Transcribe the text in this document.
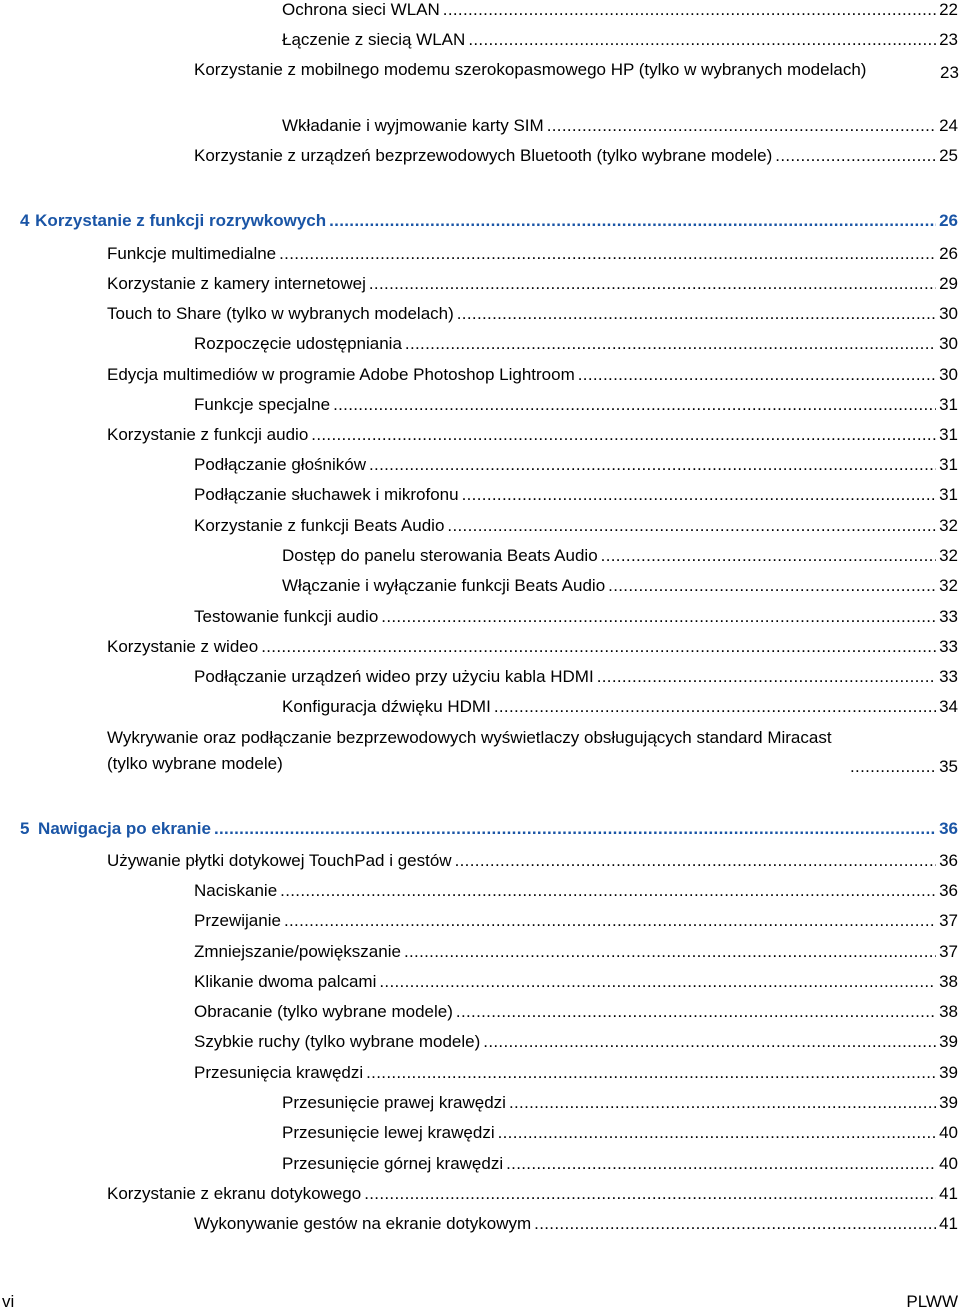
Ochrona sieci WLAN . . .	22
Łączenie z siecią WLAN . . .	23
Korzystanie z mobilnego modemu szerokopasmowego HP (tylko w wybranych modelach)	23
Wkładanie i wyjmowanie karty SIM . . .	24
Korzystanie z urządzeń bezprzewodowych Bluetooth (tylko wybrane modele) . . .	25
4 Korzystanie z funkcji rozrywkowych . . .	26
Funkcje multimedialne . . .	26
Korzystanie z kamery internetowej . . .	29
Touch to Share (tylko w wybranych modelach) . . .	30
Rozpoczęcie udostępniania . . .	30
Edycja multimediów w programie Adobe Photoshop Lightroom . . .	30
Funkcje specjalne . . .	31
Korzystanie z funkcji audio . . .	31
Podłączanie głośników . . .	31
Podłączanie słuchawek i mikrofonu . . .	31
Korzystanie z funkcji Beats Audio . . .	32
Dostęp do panelu sterowania Beats Audio . . .	32
Włączanie i wyłączanie funkcji Beats Audio . . .	32
Testowanie funkcji audio . . .	33
Korzystanie z wideo . . .	33
Podłączanie urządzeń wideo przy użyciu kabla HDMI . . .	33
Konfiguracja dźwięku HDMI . . .	34
Wykrywanie oraz podłączanie bezprzewodowych wyświetlaczy obsługujących standard Miracast (tylko wybrane modele) . . .	35
5 Nawigacja po ekranie . . .	36
Używanie płytki dotykowej TouchPad i gestów . . .	36
Naciskanie . . .	36
Przewijanie . . .	37
Zmniejszanie/powiększanie . . .	37
Klikanie dwoma palcami . . .	38
Obracanie (tylko wybrane modele) . . .	38
Szybkie ruchy (tylko wybrane modele) . . .	39
Przesunięcia krawędzi . . .	39
Przesunięcie prawej krawędzi . . .	39
Przesunięcie lewej krawędzi . . .	40
Przesunięcie górnej krawędzi . . .	40
Korzystanie z ekranu dotykowego . . .	41
Wykonywanie gestów na ekranie dotykowym . . .	41
vi	PLWW
